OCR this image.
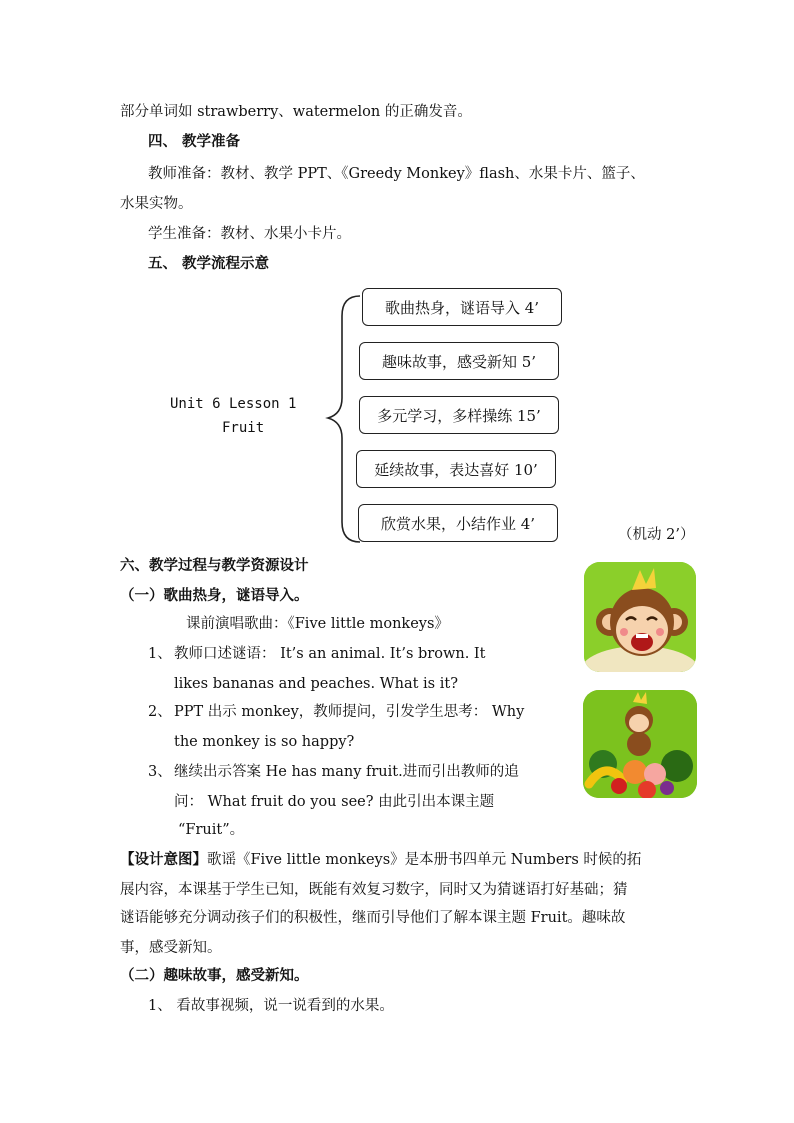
部分单词如 strawberry、watermelon 的正确发音。
四、 教学准备
教师准备：教材、教学 PPT、《Greedy Monkey》flash、水果卡片、篮子、
水果实物。
学生准备：教材、水果小卡片。
五、 教学流程示意
Unit 6 Lesson 1
Fruit
歌曲热身，谜语导入 4’
趣味故事，感受新知 5’
多元学习，多样操练 15’
延续故事，表达喜好 10’
欣赏水果，小结作业 4’
（机动 2’）
六、教学过程与教学资源设计
（一）歌曲热身，谜语导入。
课前演唱歌曲：《Five little monkeys》
1、 教师口述谜语： It’s an animal. It’s brown. It
likes bananas and peaches. What is it?
2、 PPT 出示 monkey，教师提问，引发学生思考： Why
the monkey is so happy?
3、 继续出示答案 He has many fruit.进而引出教师的追
问： What fruit do you see? 由此引出本课主题
“Fruit”。
【设计意图】歌谣《Five little monkeys》是本册书四单元 Numbers 时候的拓
展内容，本课基于学生已知，既能有效复习数字，同时又为猜谜语打好基础；猜
谜语能够充分调动孩子们的积极性，继而引导他们了解本课主题 Fruit。趣味故
事，感受新知。
（二）趣味故事，感受新知。
1、 看故事视频，说一说看到的水果。
